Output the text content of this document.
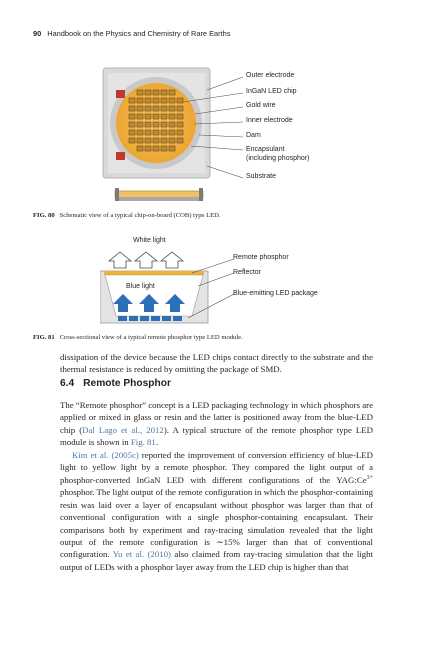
90 Handbook on the Physics and Chemistry of Rare Earths
Outer electrode
InGaN LED chip
Gold wire
Inner electrode
Dam
Encapsulant
(including phosphor)
Substrate
FIG. 80 Schematic view of a typical chip-on-board (COB) type LED.
White light
Blue light
Remote phosphor
Reflector
Blue-emitting LED package
FIG. 81 Cross-sectional view of a typical remote phosphor type LED module.

dissipation of the device because the LED chips contact directly to the substrate and the thermal resistance is reduced by omitting the package of SMD.

6.4 Remote Phosphor

The “Remote phosphor” concept is a LED packaging technology in which phosphors are applied or mixed in glass or resin and the latter is positioned away from the blue-LED chip (Dal Lago et al., 2012). A typical structure of the remote phosphor type LED module is shown in Fig. 81.

Kim et al. (2005c) reported the improvement of conversion efficiency of blue-LED light to yellow light by a remote phosphor. They compared the light output of a phosphor-converted InGaN LED with different configurations of the $YAG:Ce^{3+}$ phosphor. The light output of the remote configuration in which the phosphor-containing resin was laid over a layer of encapsulant without phosphor was larger than that of conventional configuration with a single phosphor-containing encapsulant. Their comparisons both by experiment and ray-tracing simulation revealed that the light output of the remote configuration is ∼15% larger than that of conventional configuration. Yu et al. (2010) also claimed from ray-tracing simulation that the light output of LEDs with a phosphor layer away from the LED chip is higher than that
